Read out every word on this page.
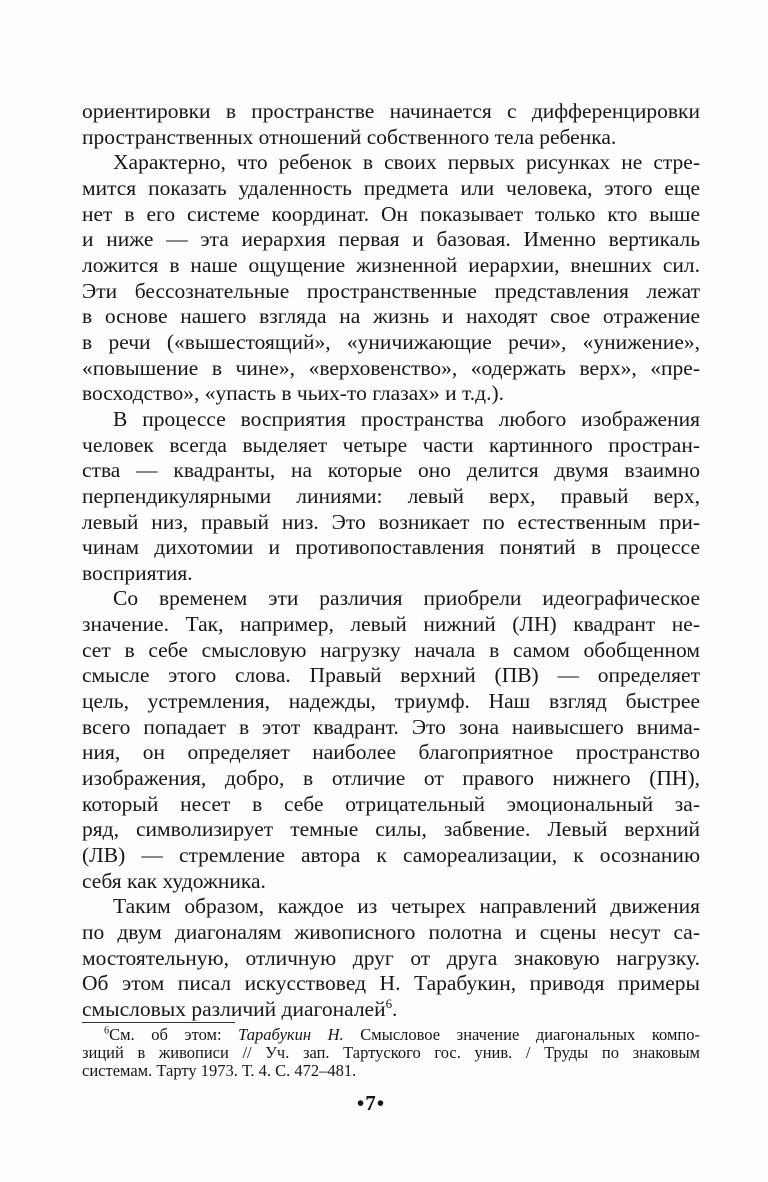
ориентировки в пространстве начинается с дифференцировки
пространственных отношений собственного тела ребенка.
Характерно, что ребенок в своих первых рисунках не стре-
мится показать удаленность предмета или человека, этого еще
нет в его системе координат. Он показывает только кто выше
и ниже — эта иерархия первая и базовая. Именно вертикаль
ложится в наше ощущение жизненной иерархии, внешних сил.
Эти бессознательные пространственные представления лежат
в основе нашего взгляда на жизнь и находят свое отражение
в речи («вышестоящий», «уничижающие речи», «унижение»,
«повышение в чине», «верховенство», «одержать верх», «пре-
восходство», «упасть в чьих-то глазах» и т.д.).
В процессе восприятия пространства любого изображения
человек всегда выделяет четыре части картинного простран-
ства — квадранты, на которые оно делится двумя взаимно
перпендикулярными линиями: левый верх, правый верх,
левый низ, правый низ. Это возникает по естественным при-
чинам дихотомии и противопоставления понятий в процессе
восприятия.
Со временем эти различия приобрели идеографическое
значение. Так, например, левый нижний (ЛН) квадрант не-
сет в себе смысловую нагрузку начала в самом обобщенном
смысле этого слова. Правый верхний (ПВ) — определяет
цель, устремления, надежды, триумф. Наш взгляд быстрее
всего попадает в этот квадрант. Это зона наивысшего внима-
ния, он определяет наиболее благоприятное пространство
изображения, добро, в отличие от правого нижнего (ПН),
который несет в себе отрицательный эмоциональный за-
ряд, символизирует темные силы, забвение. Левый верхний
(ЛВ) — стремление автора к самореализации, к осознанию
себя как художника.
Таким образом, каждое из четырех направлений движения
по двум диагоналям живописного полотна и сцены несут са-
мостоятельную, отличную друг от друга знаковую нагрузку.
Об этом писал искусствовед Н. Тарабукин, приводя примеры
смысловых различий диагоналей$^6$.
$^6$См. об этом: Тарабукин Н. Смысловое значение диагональных компо-
зиций в живописи // Уч. зап. Тартуского гос. унив. / Труды по знаковым
системам. Тарту 1973. Т. 4. С. 472–481.
•7•
